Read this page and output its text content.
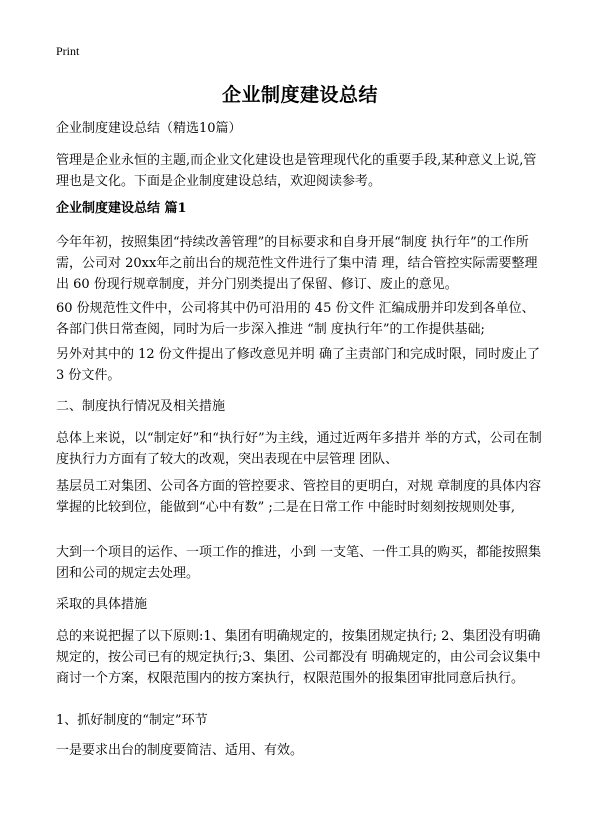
Print
企业制度建设总结

企业制度建设总结（精选10篇）

管理是企业永恒的主题,而企业文化建设也是管理现代化的重要手段,某种意义上说,管理也是文化。下面是企业制度建设总结，欢迎阅读参考。

企业制度建设总结 篇1

今年年初，按照集团“持续改善管理”的目标要求和自身开展“制度 执行年”的工作所需，公司对 20xx年之前出台的规范性文件进行了集中清 理，结合管控实际需要整理出 60 份现行规章制度，并分门别类提出了保留、修订、废止的意见。

60 份规范性文件中，公司将其中仍可沿用的 45 份文件 汇编成册并印发到各单位、各部门供日常查阅，同时为后一步深入推进 “制 度执行年”的工作提供基础;

另外对其中的 12 份文件提出了修改意见并明 确了主责部门和完成时限，同时废止了 3 份文件。

二、制度执行情况及相关措施

总体上来说，以“制定好”和“执行好”为主线，通过近两年多措并 举的方式，公司在制度执行力方面有了较大的改观，突出表现在中层管理 团队、

基层员工对集团、公司各方面的管控要求、管控目的更明白，对规 章制度的具体内容掌握的比较到位，能做到“心中有数” ;二是在日常工作 中能时时刻刻按规则处事,

大到一个项目的运作、一项工作的推进，小到 一支笔、一件工具的购买，都能按照集团和公司的规定去处理。

采取的具体措施

总的来说把握了以下原则:1、集团有明确规定的，按集团规定执行; 2、集团没有明确规定的，按公司已有的规定执行;3、集团、公司都没有 明确规定的，由公司会议集中商讨一个方案，权限范围内的按方案执行，权限范围外的报集团审批同意后执行。

1、抓好制度的“制定”环节

一是要求出台的制度要简洁、适用、有效。
